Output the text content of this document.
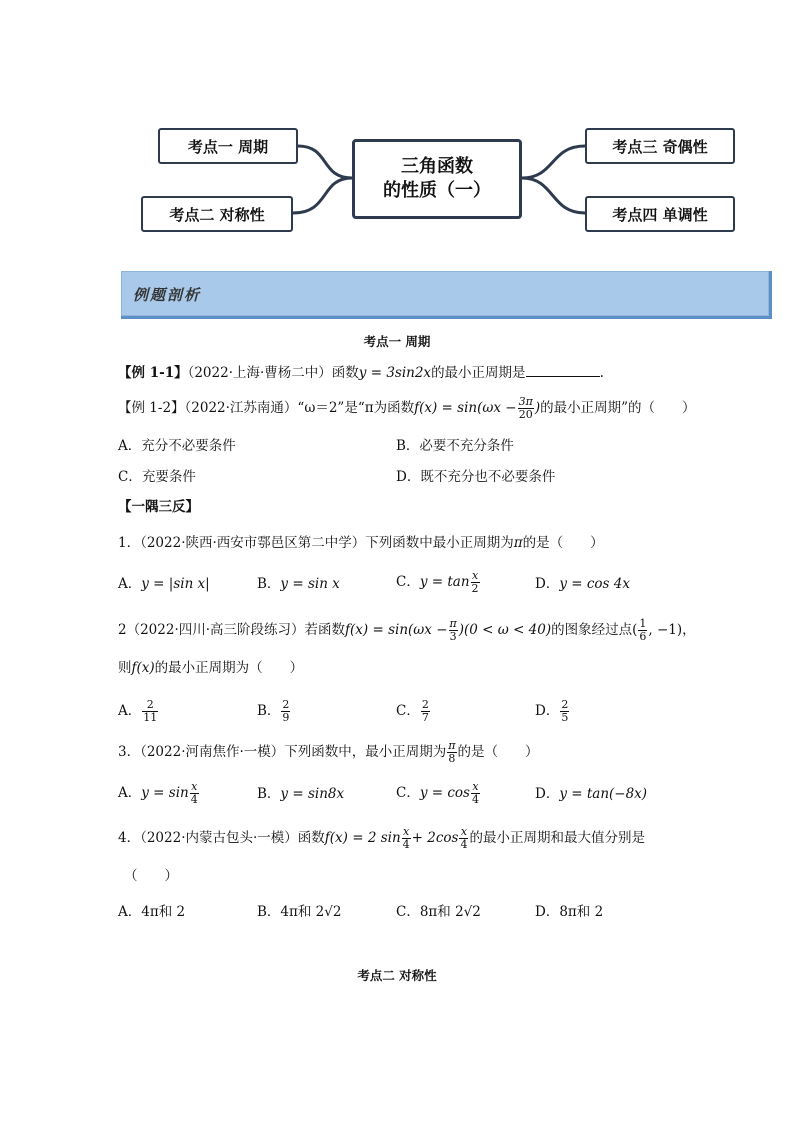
三角函数
的性质（一）
考点一 周期
考点二 对称性
考点三 奇偶性
考点四 单调性
例题剖析
考点一 周期
【例 1-1】（2022·上海·曹杨二中）函数y = 3sin2x的最小正周期是	.
【例 1-2】（2022·江苏南通）“ω＝2”是“π为函数$f(x) = \sin(\omega x - \frac{3\pi}{20}$ )的最小正周期”的（　　）
A．充分不必要条件	B．必要不充分条件
C．充要条件	D．既不充分也不必要条件
【一隅三反】
1．（2022·陕西·西安市鄠邑区第二中学）下列函数中最小正周期为π的是（　　）
A．y = |sin x|	B．y = sin x	C．$y = \tan \frac{x}{2}$	D．y = cos 4x
2（2022·四川·高三阶段练习）若函数$f(x) = \sin(\omega x - \frac{\pi}{3} )(0 < \omega < 40)$的图象经过点( $\frac{1}{6}$ , −1)，
则f(x)的最小正周期为（　　）
A． $\frac{2}{11}$	B． $\frac{2}{9}$	C． $\frac{2}{7}$	D． $\frac{2}{5}$
3．（2022·河南焦作·一模）下列函数中，最小正周期为 $\frac{\pi}{8}$ 的是（　　）
A．$y = \sin \frac{x}{4}$	B．y = sin8x	C．$y = \cos \frac{x}{4}$	D．y = tan(−8x)
4．（2022·内蒙古包头·一模）函数f(x) = 2 $\sin \frac{x}{4} + 2\cos \frac{x}{4}$ 的最小正周期和最大值分别是
（　　）
A．4π和 2	B．4π和 2√2	C．8π和 2√2	D．8π和 2
考点二 对称性
